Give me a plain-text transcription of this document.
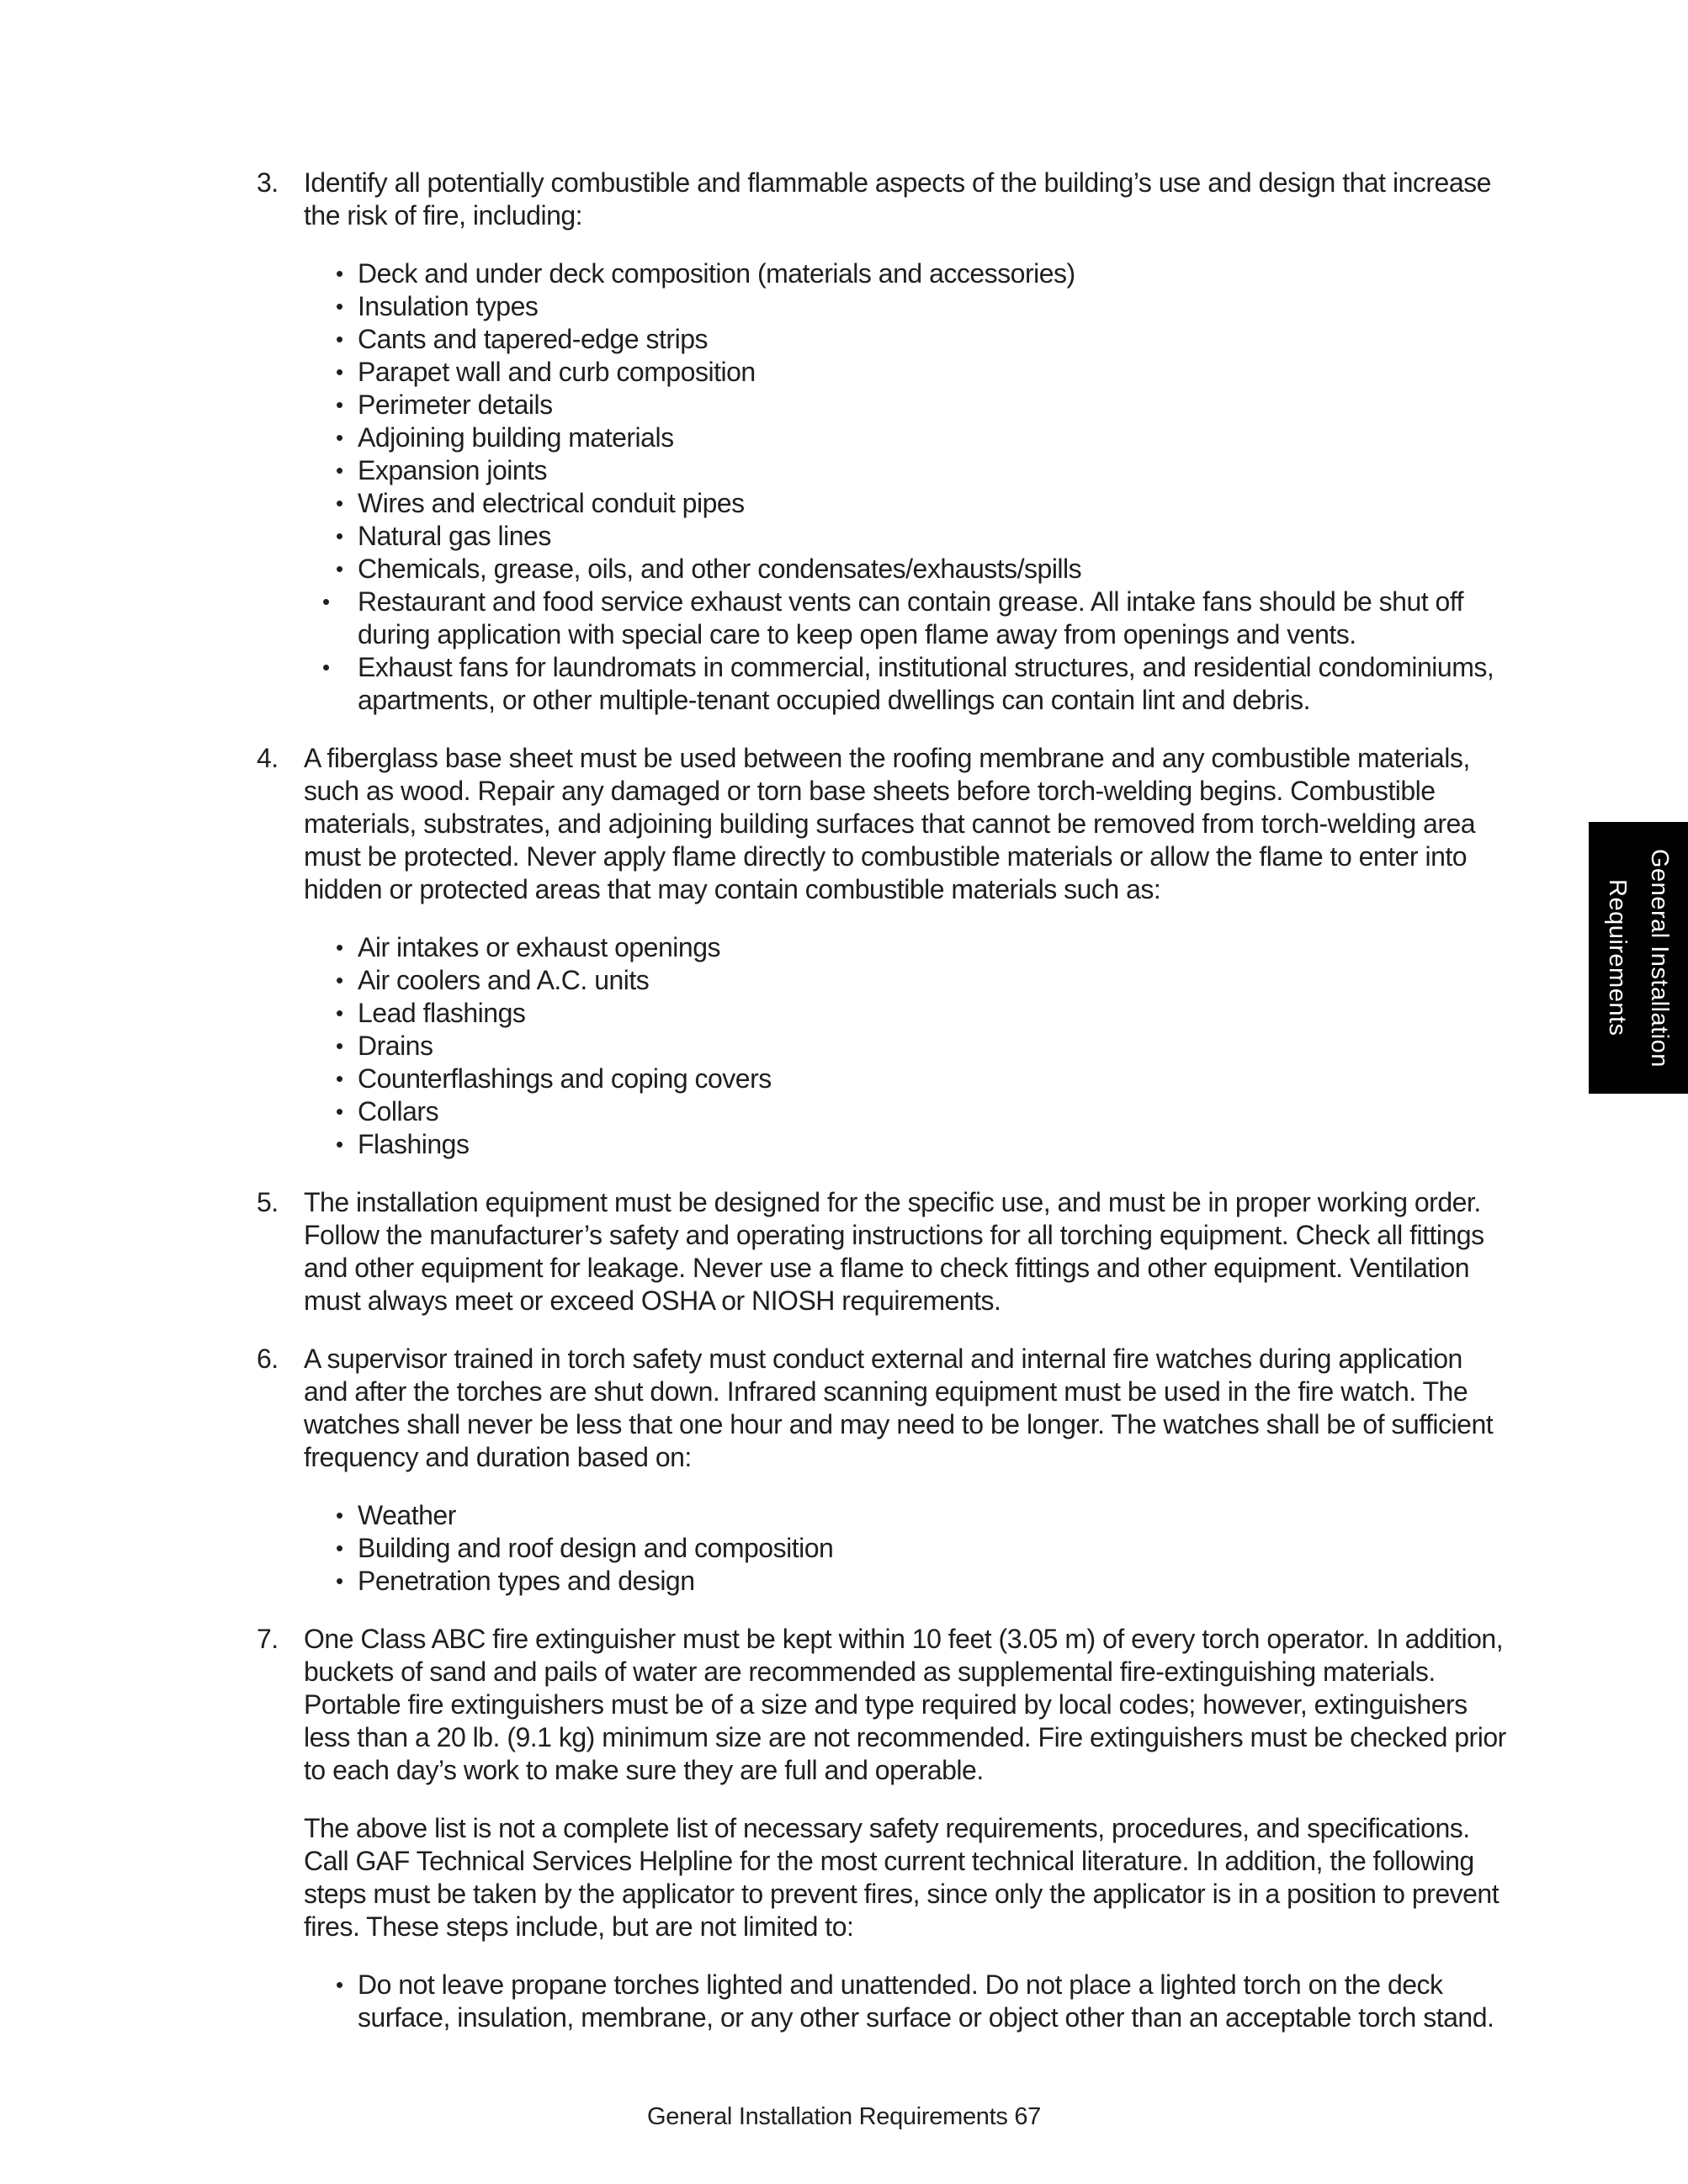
3. Identify all potentially combustible and flammable aspects of the building’s use and design that increase the risk of fire, including:
• Deck and under deck composition (materials and accessories)
• Insulation types
• Cants and tapered-edge strips
• Parapet wall and curb composition
• Perimeter details
• Adjoining building materials
• Expansion joints
• Wires and electrical conduit pipes
• Natural gas lines
• Chemicals, grease, oils, and other condensates/exhausts/spills
•	Restaurant and food service exhaust vents can contain grease. All intake fans should be shut off during application with special care to keep open flame away from openings and vents.
•	Exhaust fans for laundromats in commercial, institutional structures, and residential condominiums, apartments, or other multiple-tenant occupied dwellings can contain lint and debris.
4. A fiberglass base sheet must be used between the roofing membrane and any combustible materials, such as wood. Repair any damaged or torn base sheets before torch-welding begins. Combustible materials, substrates, and adjoining building surfaces that cannot be removed from torch-welding area must be protected. Never apply flame directly to combustible materials or allow the flame to enter into hidden or protected areas that may contain combustible materials such as:
• Air intakes or exhaust openings
• Air coolers and A.C. units
• Lead flashings
• Drains
• Counterflashings and coping covers
• Collars
• Flashings
5. The installation equipment must be designed for the specific use, and must be in proper working order. Follow the manufacturer’s safety and operating instructions for all torching equipment. Check all fittings and other equipment for leakage. Never use a flame to check fittings and other equipment. Ventilation must always meet or exceed OSHA or NIOSH requirements.
6. A supervisor trained in torch safety must conduct external and internal fire watches during application and after the torches are shut down. Infrared scanning equipment must be used in the fire watch. The watches shall never be less that one hour and may need to be longer. The watches shall be of sufficient frequency and duration based on:
• Weather
• Building and roof design and composition
• Penetration types and design
7. One Class ABC fire extinguisher must be kept within 10 feet (3.05 m) of every torch operator. In addition, buckets of sand and pails of water are recommended as supplemental fire-extinguishing materials. Portable fire extinguishers must be of a size and type required by local codes; however, extinguishers less than a 20 lb. (9.1 kg) minimum size are not recommended. Fire extinguishers must be checked prior to each day’s work to make sure they are full and operable.
The above list is not a complete list of necessary safety requirements, procedures, and specifications. Call GAF Technical Services Helpline for the most current technical literature. In addition, the following steps must be taken by the applicator to prevent fires, since only the applicator is in a position to prevent fires. These steps include, but are not limited to:
• Do not leave propane torches lighted and unattended. Do not place a lighted torch on the deck surface, insulation, membrane, or any other surface or object other than an acceptable torch stand.
General Installation
Requirements
General Installation Requirements 67
